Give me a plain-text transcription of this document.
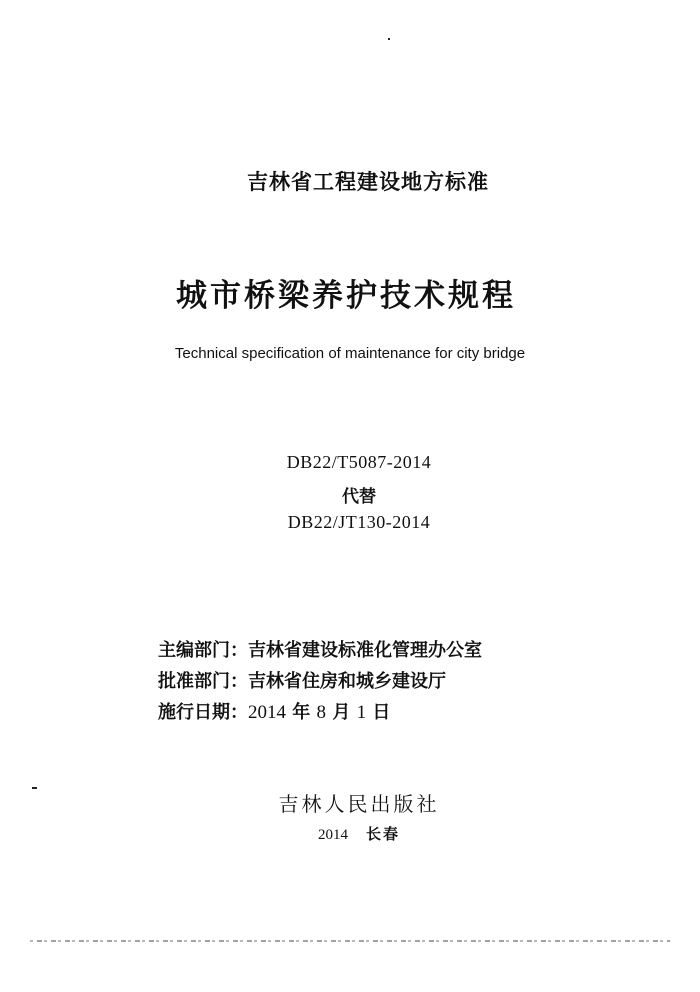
吉林省工程建设地方标准
城市桥梁养护技术规程
Technical specification of maintenance for city bridge
DB22/T5087-2014
代替
DB22/JT130-2014
主编部门：吉林省建设标准化管理办公室
批准部门：吉林省住房和城乡建设厅
施行日期：2014 年 8 月 1 日
吉林人民出版社
2014 长春
